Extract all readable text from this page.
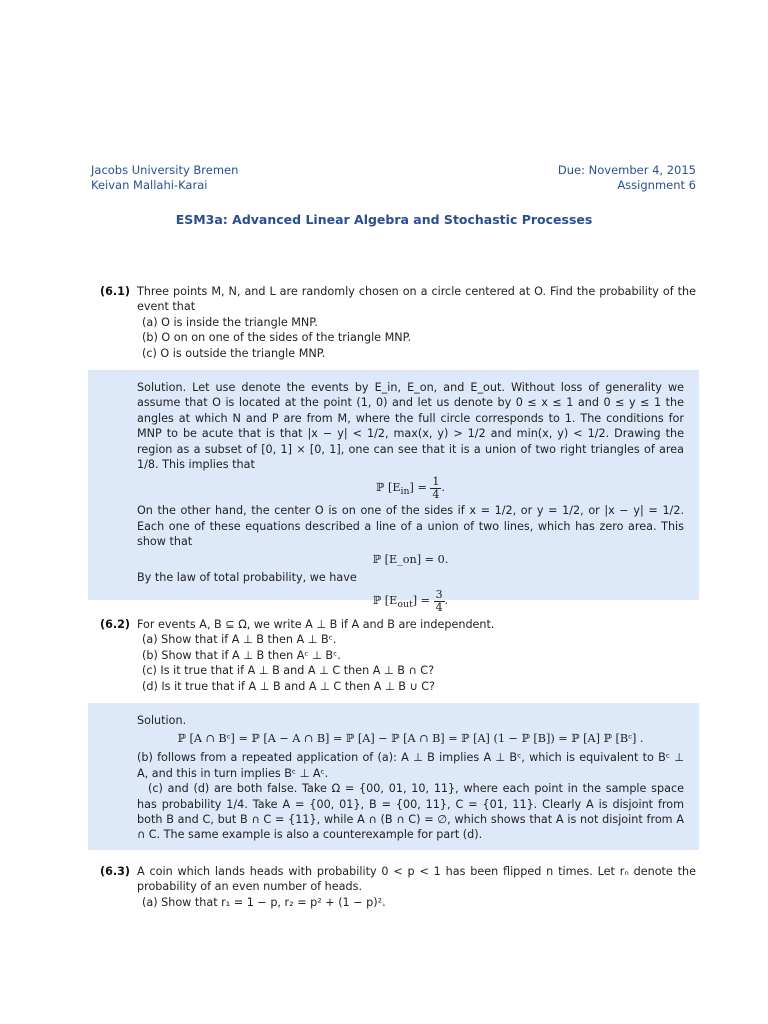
Jacobs University Bremen
Keivan Mallahi-Karai
Due: November 4, 2015
Assignment 6
ESM3a: Advanced Linear Algebra and Stochastic Processes
(6.1) Three points M, N, and L are randomly chosen on a circle centered at O. Find the probability of the event that
(a) O is inside the triangle MNP.
(b) O on on one of the sides of the triangle MNP.
(c) O is outside the triangle MNP.

Solution. Let use denote the events by E_in, E_on, and E_out. Without loss of generality we assume that O is located at the point (1, 0) and let us denote by 0 ≤ x ≤ 1 and 0 ≤ y ≤ 1 the angles at which N and P are from M, where the full circle corresponds to 1. The conditions for MNP to be acute that is that |x − y| < 1/2, max(x, y) > 1/2 and min(x, y) < 1/2. Drawing the region as a subset of [0, 1] × [0, 1], one can see that it is a union of two right triangles of area 1/8. This implies that

ℙ $[E_{in}] = \frac{1}{4}$ .

On the other hand, the center O is on one of the sides if x = 1/2, or y = 1/2, or |x − y| = 1/2. Each one of these equations described a line of a union of two lines, which has zero area. This show that

ℙ [E_on] = 0.

By the law of total probability, we have

ℙ $[E_{out}] = \frac{3}{4}$ .
(6.2) For events A, B ⊆ Ω, we write A ⊥ B if A and B are independent.
(a) Show that if A ⊥ B then A ⊥ Bᶜ.
(b) Show that if A ⊥ B then Aᶜ ⊥ Bᶜ.
(c) Is it true that if A ⊥ B and A ⊥ C then A ⊥ B ∩ C?
(d) Is it true that if A ⊥ B and A ⊥ C then A ⊥ B ∪ C?

Solution.

ℙ [A ∩ Bᶜ] = ℙ [A − A ∩ B] = ℙ [A] − ℙ [A ∩ B] = ℙ [A] (1 − ℙ [B]) = ℙ [A] ℙ [Bᶜ] .

(b) follows from a repeated application of (a): A ⊥ B implies A ⊥ Bᶜ, which is equivalent to Bᶜ ⊥ A, and this in turn implies Bᶜ ⊥ Aᶜ.

(c) and (d) are both false. Take Ω = {00, 01, 10, 11}, where each point in the sample space has probability 1/4. Take A = {00, 01}, B = {00, 11}, C = {01, 11}. Clearly A is disjoint from both B and C, but B ∩ C = {11}, while A ∩ (B ∩ C) = ∅, which shows that A is not disjoint from A ∩ C. The same example is also a counterexample for part (d).

(6.3) A coin which lands heads with probability 0 < p < 1 has been flipped n times. Let rₙ denote the probability of an even number of heads.
(a) Show that r₁ = 1 − p, r₂ = p² + (1 − p)².
